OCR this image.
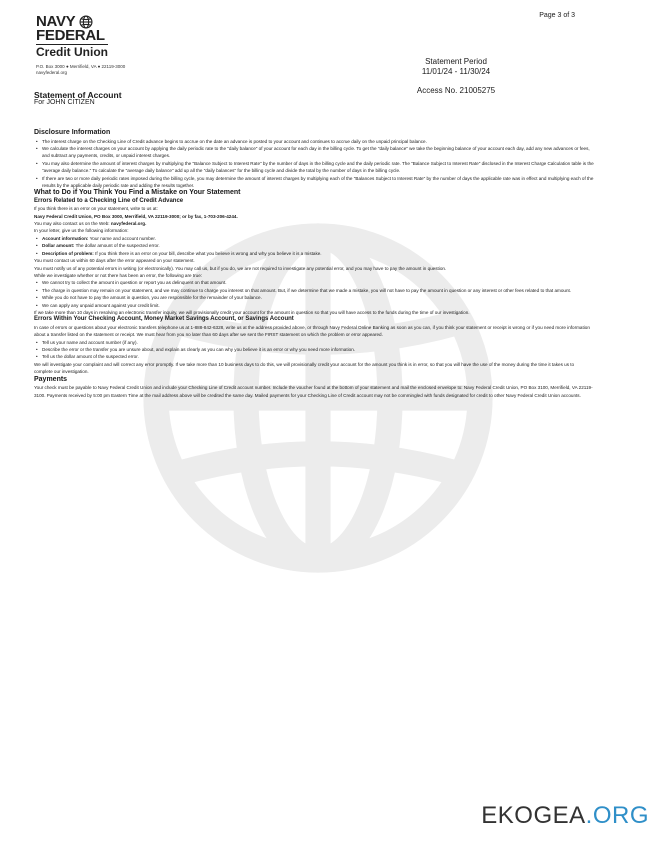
Page 3 of 3
NAVY
FEDERAL
Credit Union
P.O. Box 3000 ● Merrifield, VA ● 22119-3000
navyfederal.org
Statement Period
11/01/24 - 11/30/24
Access No. 21005275
Statement of Account
For JOHN CITIZEN
Disclosure Information
• The interest charge on the Checking Line of Credit advance begins to accrue on the date an advance is posted to your account and continues to accrue daily on the unpaid principal balance.
• We calculate the interest charges on your account by applying the daily periodic rate to the "daily balance" of your account for each day in the billing cycle. To get the "daily balance" we take the beginning balance of your account each day, add any new advances or fees, and subtract any payments, credits, or unpaid interest charges.
• You may also determine the amount of interest charges by multiplying the "Balance Subject to Interest Rate" by the number of days in the billing cycle and the daily periodic rate. The "Balance Subject to Interest Rate" disclosed in the Interest Charge Calculation table is the "average daily balance." To calculate the "average daily balance" add up all the "daily balances" for the billing cycle and divide the total by the number of days in the billing cycle.
• If there are two or more daily periodic rates imposed during the billing cycle, you may determine the amount of interest charges by multiplying each of the "Balances Subject to Interest Rate" by the number of days the applicable rate was in effect and multiplying each of the results by the applicable daily periodic rate and adding the results together.
What to Do if You Think You Find a Mistake on Your Statement
Errors Related to a Checking Line of Credit Advance

If you think there is an error on your statement, write to us at:

Navy Federal Credit Union, PO Box 3000, Merrifield, VA 22119-3000; or by fax, 1-703-206-4244.

You may also contact us on the Web: navyfederal.org.

In your letter, give us the following information:

• Account information: Your name and account number.
• Dollar amount: The dollar amount of the suspected error.
• Description of problem: If you think there is an error on your bill, describe what you believe is wrong and why you believe it is a mistake.

You must contact us within 60 days after the error appeared on your statement.

You must notify us of any potential errors in writing (or electronically). You may call us, but if you do, we are not required to investigate any potential error, and you may have to pay the amount in question.

While we investigate whether or not there has been an error, the following are true:

• We cannot try to collect the amount in question or report you as delinquent on that amount.
• The charge in question may remain on your statement, and we may continue to charge you interest on that amount. But, if we determine that we made a mistake, you will not have to pay the amount in question or any interest or other fees related to that amount.
• While you do not have to pay the amount in question, you are responsible for the remainder of your balance.
• We can apply any unpaid amount against your credit limit.

If we take more than 10 days in resolving an electronic transfer inquiry, we will provisionally credit your account for the amount in question so that you will have access to the funds during the time of our investigation.

Errors Within Your Checking Account, Money Market Savings Account, or Savings Account

In case of errors or questions about your electronic transfers telephone us at 1-888-842-6328, write us at the address provided above, or through Navy Federal Online Banking as soon as you can, if you think your statement or receipt is wrong or if you need more information about a transfer listed on the statement or receipt. We must hear from you no later than 60 days after we sent the FIRST statement on which the problem or error appeared.

• Tell us your name and account number (if any).
• Describe the error or the transfer you are unsure about, and explain as clearly as you can why you believe it is an error or why you need more information.
• Tell us the dollar amount of the suspected error.

We will investigate your complaint and will correct any error promptly. If we take more than 10 business days to do this, we will provisionally credit your account for the amount you think is in error, so that you will have the use of the money during the time it takes us to complete our investigation.

Payments

Your check must be payable to Navy Federal Credit Union and include your Checking Line of Credit account number. Include the voucher found at the bottom of your statement and mail the enclosed envelope to: Navy Federal Credit Union, PO Box 3100, Merrifield, VA 22119-3100. Payments received by 5:00 pm Eastern Time at the mail address above will be credited the same day. Mailed payments for your Checking Line of Credit account may not be commingled with funds designated for credit to other Navy Federal Credit Union accounts.

EKOGEA.ORG
